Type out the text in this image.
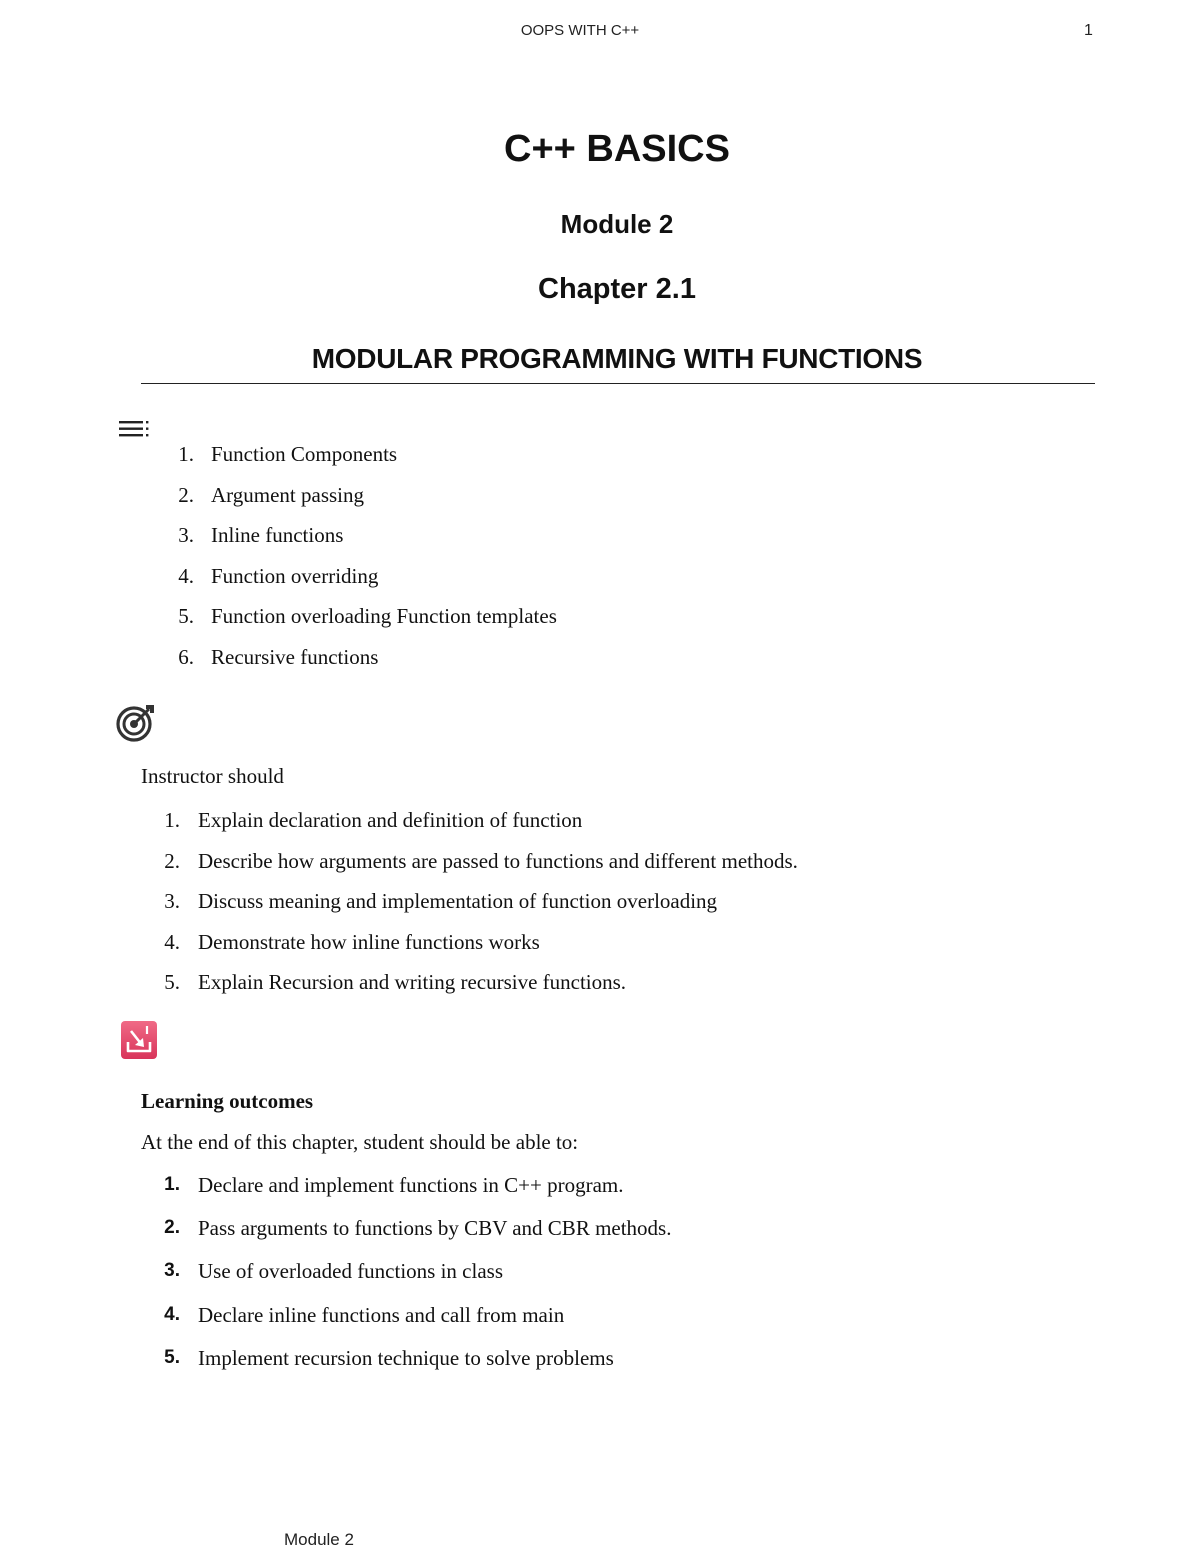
OOPS WITH C++	1
C++ BASICS
Module 2
Chapter 2.1
MODULAR PROGRAMMING WITH FUNCTIONS
1. Function Components
2. Argument passing
3. Inline functions
4. Function overriding
5. Function overloading Function templates
6. Recursive functions
Instructor should
1. Explain declaration and definition of function
2. Describe how arguments are passed to functions and different methods.
3. Discuss meaning and implementation of function overloading
4. Demonstrate how inline functions works
5. Explain Recursion and writing recursive functions.
Learning outcomes
At the end of this chapter, student should be able to:
1. Declare and implement functions in C++ program.
2. Pass arguments to functions by CBV and CBR methods.
3. Use of overloaded functions in class
4. Declare inline functions and call from main
5. Implement recursion technique to solve problems
Module 2
